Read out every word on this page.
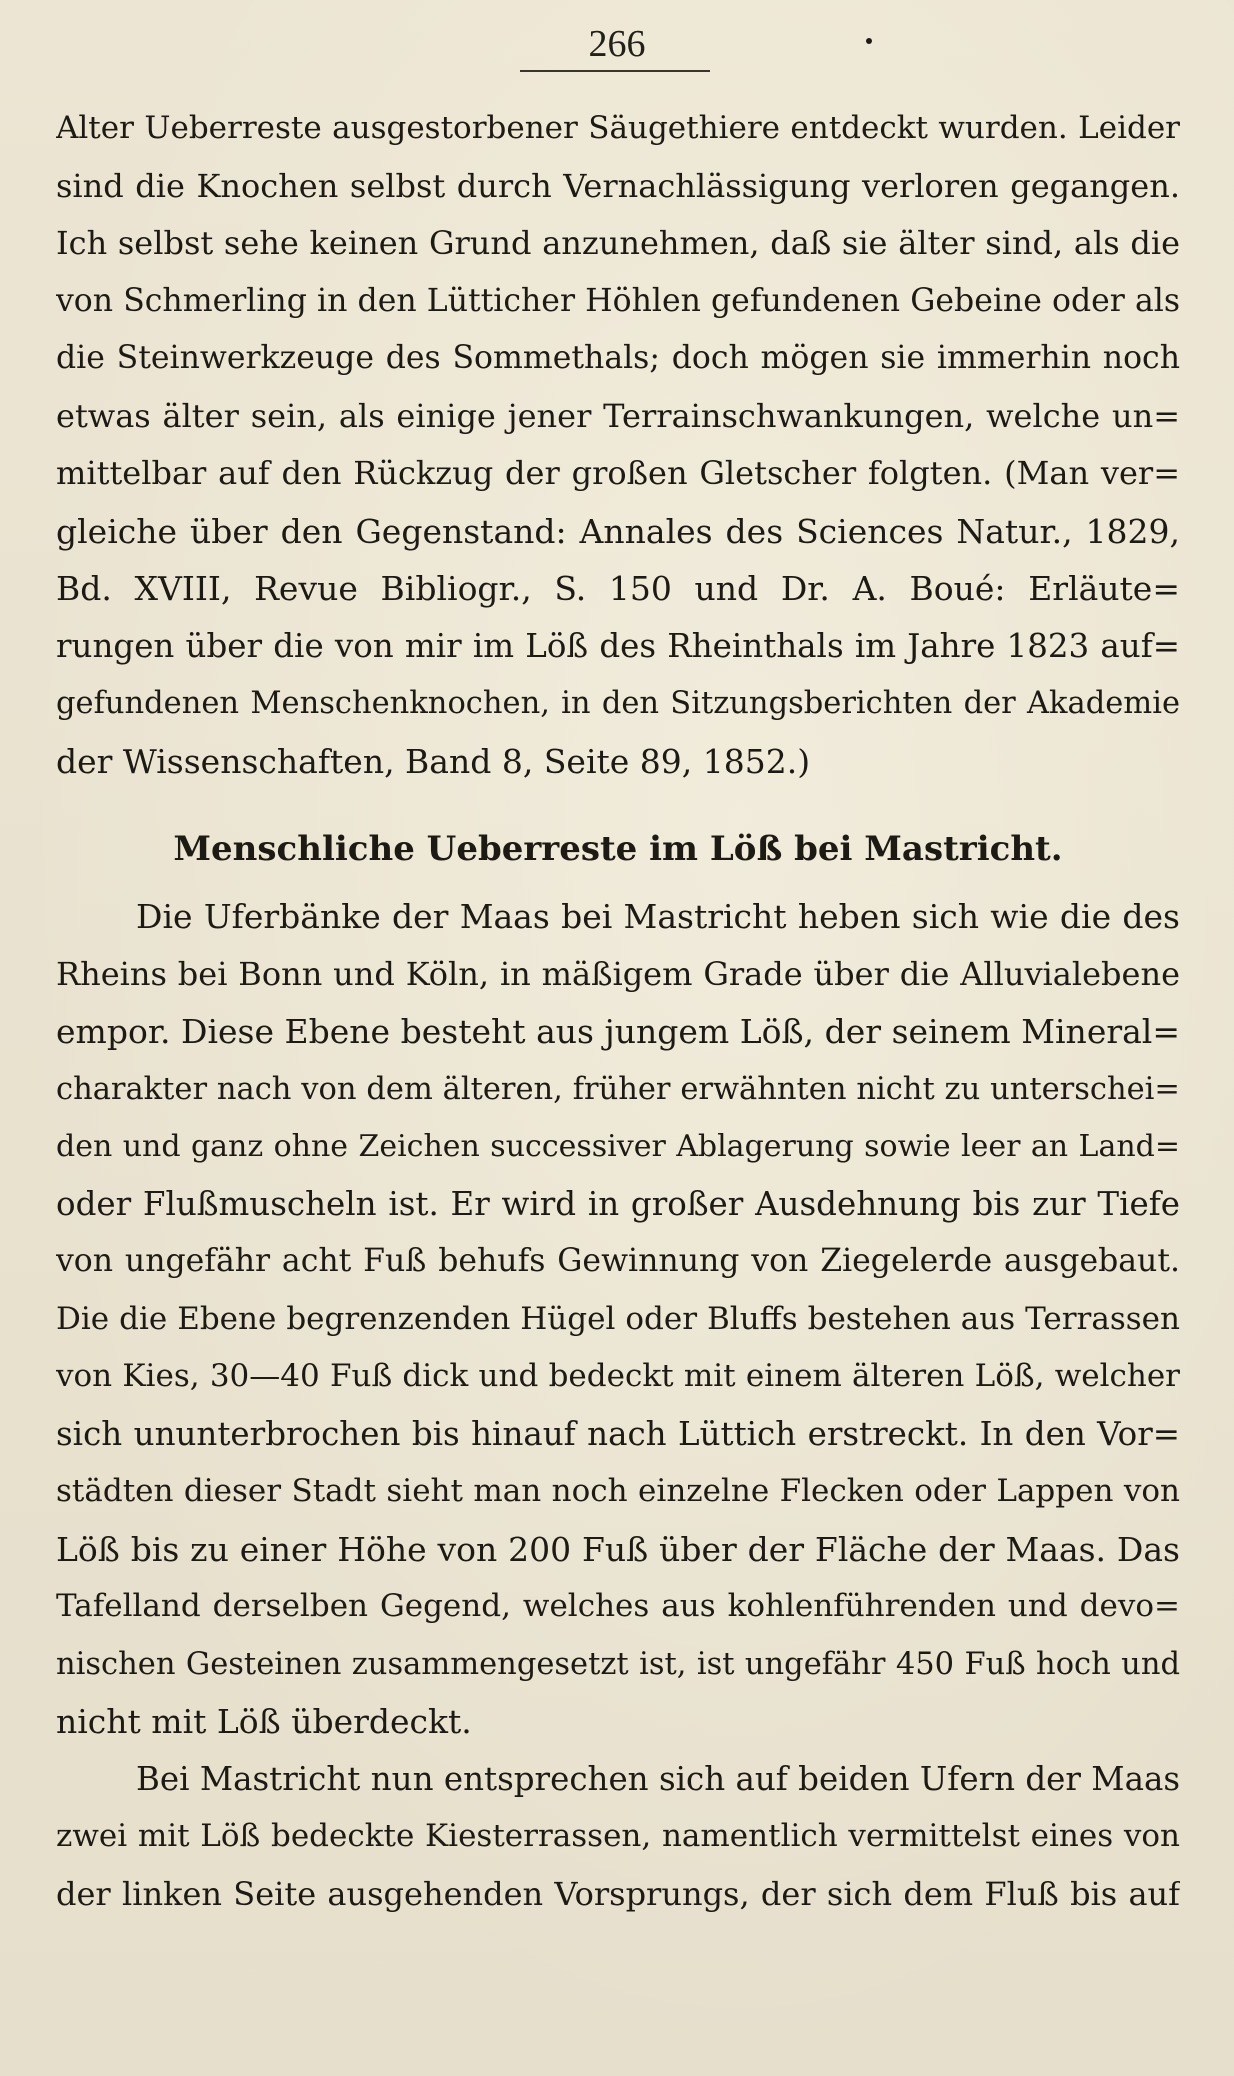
266
Alter Ueberreste ausgestorbener Säugethiere entdeckt wurden. Leider
sind die Knochen selbst durch Vernachlässigung verloren gegangen.
Ich selbst sehe keinen Grund anzunehmen, daß sie älter sind, als die
von Schmerling in den Lütticher Höhlen gefundenen Gebeine oder als
die Steinwerkzeuge des Sommethals; doch mögen sie immerhin noch
etwas älter sein, als einige jener Terrainschwankungen, welche un=
mittelbar auf den Rückzug der großen Gletscher folgten. (Man ver=
gleiche über den Gegenstand: Annales des Sciences Natur., 1829,
Bd. XVIII, Revue Bibliogr., S. 150 und Dr. A. Boué: Erläute=
rungen über die von mir im Löß des Rheinthals im Jahre 1823 auf=
gefundenen Menschenknochen, in den Sitzungsberichten der Akademie
der Wissenschaften, Band 8, Seite 89, 1852.)
Menschliche Ueberreste im Löß bei Mastricht.
Die Uferbänke der Maas bei Mastricht heben sich wie die des
Rheins bei Bonn und Köln, in mäßigem Grade über die Alluvialebene
empor. Diese Ebene besteht aus jungem Löß, der seinem Mineral=
charakter nach von dem älteren, früher erwähnten nicht zu unterschei=
den und ganz ohne Zeichen successiver Ablagerung sowie leer an Land=
oder Flußmuscheln ist. Er wird in großer Ausdehnung bis zur Tiefe
von ungefähr acht Fuß behufs Gewinnung von Ziegelerde ausgebaut.
Die die Ebene begrenzenden Hügel oder Bluffs bestehen aus Terrassen
von Kies, 30—40 Fuß dick und bedeckt mit einem älteren Löß, welcher
sich ununterbrochen bis hinauf nach Lüttich erstreckt. In den Vor=
städten dieser Stadt sieht man noch einzelne Flecken oder Lappen von
Löß bis zu einer Höhe von 200 Fuß über der Fläche der Maas. Das
Tafelland derselben Gegend, welches aus kohlenführenden und devo=
nischen Gesteinen zusammengesetzt ist, ist ungefähr 450 Fuß hoch und
nicht mit Löß überdeckt.
Bei Mastricht nun entsprechen sich auf beiden Ufern der Maas
zwei mit Löß bedeckte Kiesterrassen, namentlich vermittelst eines von
der linken Seite ausgehenden Vorsprungs, der sich dem Fluß bis auf
